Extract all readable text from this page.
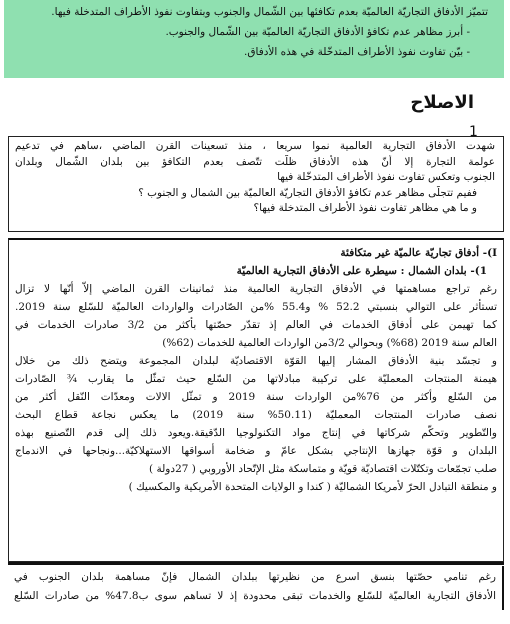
تتميّز الأدفاق التجاريّة العالميّة بعدم تكافئها بين الشّمال والجنوب وبتفاوت نفوذ الأطراف المتدخلة فيها.

- أبرز مظاهر عدم تكافؤ الأدفاق التجاريّة العالميّة بين الشّمال والجنوب.

- بيّن تفاوت نفوذ الأطراف المتدخّلة في هذه الأدفاق.

الاصلاح
1

شهدت الأدفاق التجارية العالمية نموا سريعا ، منذ تسعينات القرن الماضي ،ساهم في تدعيم

عولمة التجارة إلا أنّ هذه الأدفاق ظلّت تتّصف بعدم التكافؤ بين بلدان الشّمال وبلدان

الجنوب وتعكس تفاوت نفوذ الأطراف المتدخّلة فيها

ففيم تتجلّى مظاهر عدم تكافؤ الأدفاق التجاريّة العالميّة بين الشمال و الجنوب ؟

و ما هي مظاهر تفاوت نفوذ الأطراف المتدخلة فيها؟

I)- أدفاق تجاريّة عالميّة غير متكافئة

1)- بلدان الشمال : سيطرة على الأدفاق التجارية العالميّة

رغم تراجع مساهمتها في الأدفاق التجارية العالمية منذ ثمانينات القرن الماضي إلاّ أنّها لا تزال

تستأثر على التوالي بنسبتي 52.2 % و55.4 %من الصّادرات والواردات العالميّة للسّلع سنة 2019.

كما تهيمن على أدفاق الخدمات في العالم إذ تقدّر حصّتها بأكثر من 3/2 صادرات الخدمات في

العالم سنة 2019 (68%) وبحوالي 3/2من الواردات العالمية للخدمات (62%)

و تجسّد بنية الأدفاق المشار إليها القوّة الاقتصاديّة لبلدان المجموعة ويتضح ذلك من خلال

هيمنة المنتجات المعمليّة على تركيبة مبادلاتها من السّلع حيث تمثّل ما يقارب ¾ الصّادرات

من السّلع وأكثر من 76%من الواردات سنة 2019 و تمثّل الالات ومعدّات النّقل أكثر من

نصف صادرات المنتجات المعمليّة (50.11% سنة 2019) ما يعكس نجاعة قطاع البحث

والتّطوير وتحكّم شركاتها في إنتاج مواد التكنولوجيا الدّقيقة.ويعود ذلك إلى قدم التّصنيع بهذه

البلدان و قوّة جهازها الإنتاجي بشكل عامّ و ضخامة أسواقها الاستهلاكيّة...ونجاحها في الاندماج

صلب تجمّعات وتكتّلات اقتصاديّة قويّة و متماسكة مثل الإتّحاد الأوروبي ( 27دولة )

و منطقة التبادل الحرّ لأمريكا الشماليّة ( كندا و الولايات المتحدة الأمريكية والمكسيك )

رغم تنامي حصّتها بنسق اسرع من نظيرتها ببلدان الشمال فإنّ مساهمة بلدان الجنوب في

الأدفاق التجارية العالميّة للسّلع والخدمات تبقى محدودة إذ لا تساهم سوى ب47.8% من صادرات السّلع
